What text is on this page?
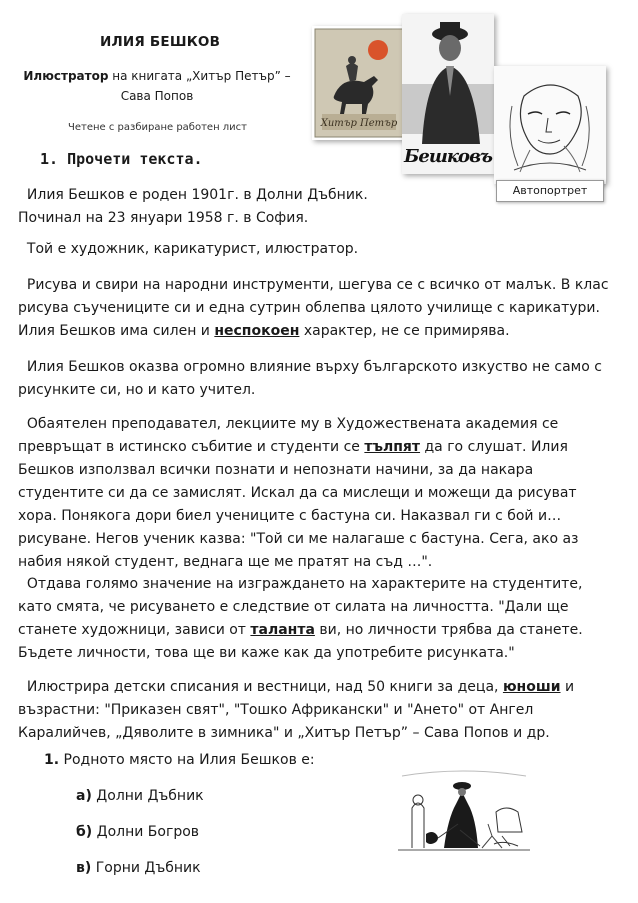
ИЛИЯ БЕШКОВ
Илюстратор на книгата „Хитър Петър” –
Сава Попов
Четене с разбиране работен лист	Хитър Петър
Бешковъ
Автопортрет
1. Прочети текста.

Илия Бешков е роден 1901г. в Долни Дъбник.

Починал на 23 януари 1958 г. в София.

Той е художник, карикатурист, илюстратор.

Рисува и свири на народни инструменти, шегува се с всичко от малък. В клас рисува съучениците си и една сутрин облепва цялото училище с карикатури. Илия Бешков има силен и неспокоен характер, не се примирява.

Илия Бешков оказва огромно влияние върху българското изкуство не само с рисунките си, но и като учител.

Обаятелен преподавател, лекциите му в Художествената академия се превръщат в истинско събитие и студенти се тълпят да го слушат. Илия Бешков използвал всички познати и непознати начини, за да накара студентите си да се замислят. Искал да са мислещи и можещи да рисуват хора. Понякога дори биел учениците с бастуна си. Наказвал ги с бой и…рисуване. Негов ученик казва: "Той си ме налагаше с бастуна. Сега, ако аз набия някой студент, веднага ще ме пратят на съд …".

Отдава голямо значение на изграждането на характерите на студентите, като смята, че рисуването е следствие от силата на личността. "Дали ще станете художници, зависи от таланта ви, но личности трябва да станете. Бъдете личности, това ще ви каже как да употребите рисунката."

Илюстрира детски списания и вестници, над 50 книги за деца, юноши и възрастни: "Приказен свят", "Тошко Африкански" и "Ането" от Ангел Каралийчев, „Дяволите в зимника" и „Хитър Петър” – Сава Попов и др.

1. Родното място на Илия Бешков е:
а) Долни Дъбник
б) Долни Богров
в) Горни Дъбник
